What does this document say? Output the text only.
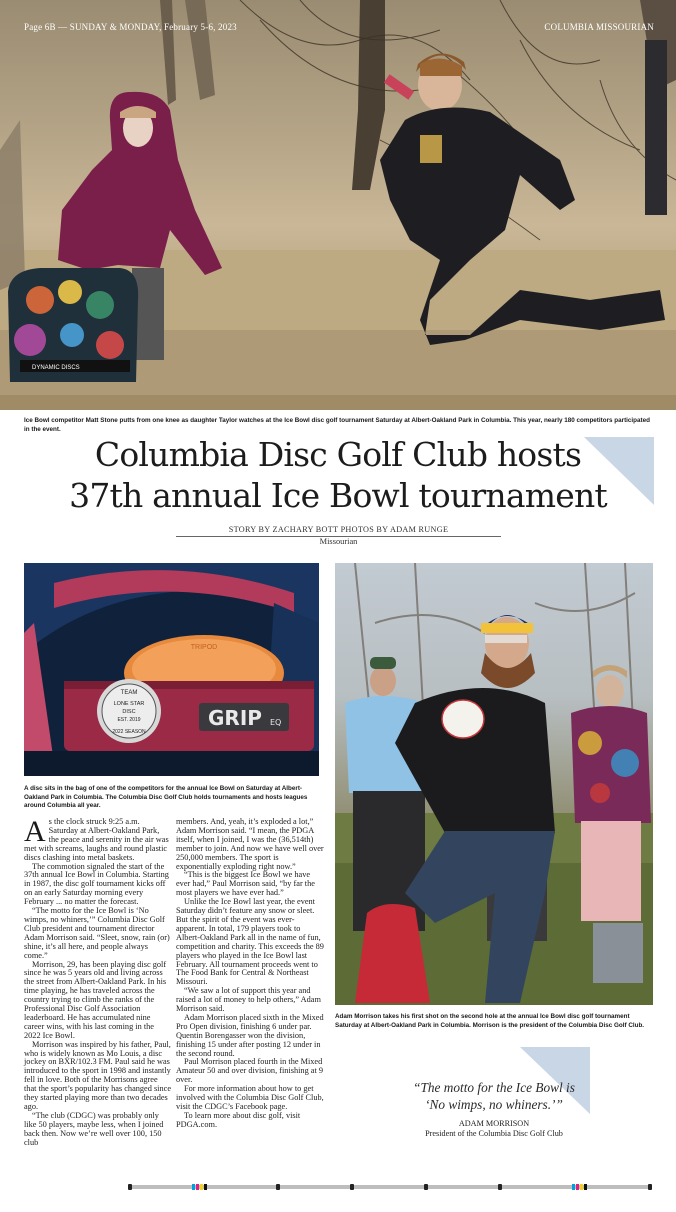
DYNAMIC DISCS
Page 6B — SUNDAY & MONDAY, February 5-6, 2023	COLUMBIA MISSOURIAN
Ice Bowl competitor Matt Stone putts from one knee as daughter Taylor watches at the Ice Bowl disc golf tournament Saturday at Albert-Oakland Park in Columbia. This year, nearly 180 competitors participated in the event.
Columbia Disc Golf Club hosts
37th annual Ice Bowl tournament
STORY BY ZACHARY BOTT PHOTOS BY ADAM RUNGE
Missourian
TRIPOD
TEAM
LONE STAR
DISC
EST. 2019
2022 SEASON
GRIP EQ
A disc sits in the bag of one of the competitors for the annual Ice Bowl on Saturday at Albert-Oakland Park in Columbia. The Columbia Disc Golf Club holds tournaments and hosts leagues around Columbia all year.
Adam Morrison takes his first shot on the second hole at the annual Ice Bowl disc golf tournament Saturday at Albert-Oakland Park in Columbia. Morrison is the president of the Columbia Disc Golf Club.

As the clock struck 9:25 a.m. Saturday at Albert-Oakland Park, the peace and serenity in the air was met with screams, laughs and round plastic discs clashing into metal baskets.

The commotion signaled the start of the 37th annual Ice Bowl in Columbia. Starting in 1987, the disc golf tournament kicks off on an early Saturday morning every February ... no matter the forecast.

“The motto for the Ice Bowl is ‘No wimps, no whiners,’” Columbia Disc Golf Club president and tournament director Adam Morrison said. “Sleet, snow, rain (or) shine, it’s all here, and people always come.”

Morrison, 29, has been playing disc golf since he was 5 years old and living across the street from Albert-Oakland Park. In his time playing, he has traveled across the country trying to climb the ranks of the Professional Disc Golf Association leaderboard. He has accumulated nine career wins, with his last coming in the 2022 Ice Bowl.

Morrison was inspired by his father, Paul, who is widely known as Mo Louis, a disc jockey on BXR/102.3 FM. Paul said he was introduced to the sport in 1998 and instantly fell in love. Both of the Morrisons agree that the sport’s popularity has changed since they started playing more than two decades ago.

“The club (CDGC) was probably only like 50 players, maybe less, when I joined back then. Now we’re well over 100, 150 club

members. And, yeah, it’s exploded a lot,” Adam Morrison said. “I mean, the PDGA itself, when I joined, I was the (36,514th) member to join. And now we have well over 250,000 members. The sport is exponentially exploding right now.”

“This is the biggest Ice Bowl we have ever had,” Paul Morrison said, “by far the most players we have ever had.”

Unlike the Ice Bowl last year, the event Saturday didn’t feature any snow or sleet. But the spirit of the event was ever-apparent. In total, 179 players took to Albert-Oakland Park all in the name of fun, competition and charity. This exceeds the 89 players who played in the Ice Bowl last February. All tournament proceeds went to The Food Bank for Central & Northeast Missouri.

“We saw a lot of support this year and raised a lot of money to help others,” Adam Morrison said.

Adam Morrison placed sixth in the Mixed Pro Open division, finishing 6 under par. Quentin Borengasser won the division, finishing 15 under after posting 12 under in the second round.

Paul Morrison placed fourth in the Mixed Amateur 50 and over division, finishing at 9 over.

For more information about how to get involved with the Columbia Disc Golf Club, visit the CDGC’s Facebook page.

To learn more about disc golf, visit PDGA.com.

“The motto for the Ice Bowl is ‘No wimps, no whiners.’”
ADAM MORRISON
President of the Columbia Disc Golf Club
